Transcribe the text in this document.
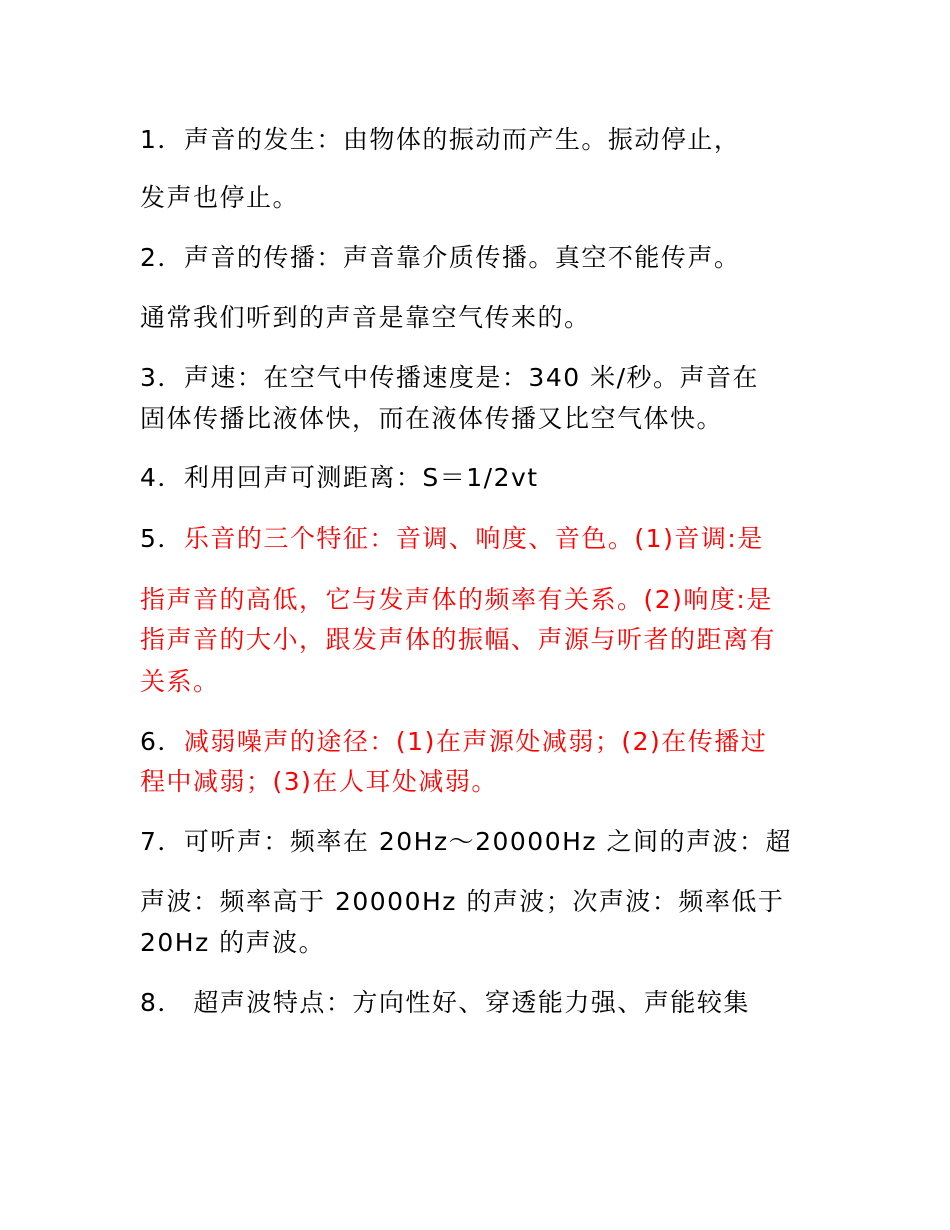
1．声音的发生：由物体的振动而产生。振动停止，
发声也停止。
2．声音的传播：声音靠介质传播。真空不能传声。
通常我们听到的声音是靠空气传来的。
3．声速：在空气中传播速度是：340 米/秒。声音在
固体传播比液体快，而在液体传播又比空气体快。
4．利用回声可测距离：S＝1/2vt
5．乐音的三个特征：音调、响度、音色。(1)音调:是
指声音的高低，它与发声体的频率有关系。(2)响度:是
指声音的大小，跟发声体的振幅、声源与听者的距离有
关系。
6．减弱噪声的途径：(1)在声源处减弱；(2)在传播过
程中减弱；(3)在人耳处减弱。
7．可听声：频率在 20Hz～20000Hz 之间的声波：超
声波：频率高于 20000Hz 的声波；次声波：频率低于
20Hz 的声波。
8． 超声波特点：方向性好、穿透能力强、声能较集
